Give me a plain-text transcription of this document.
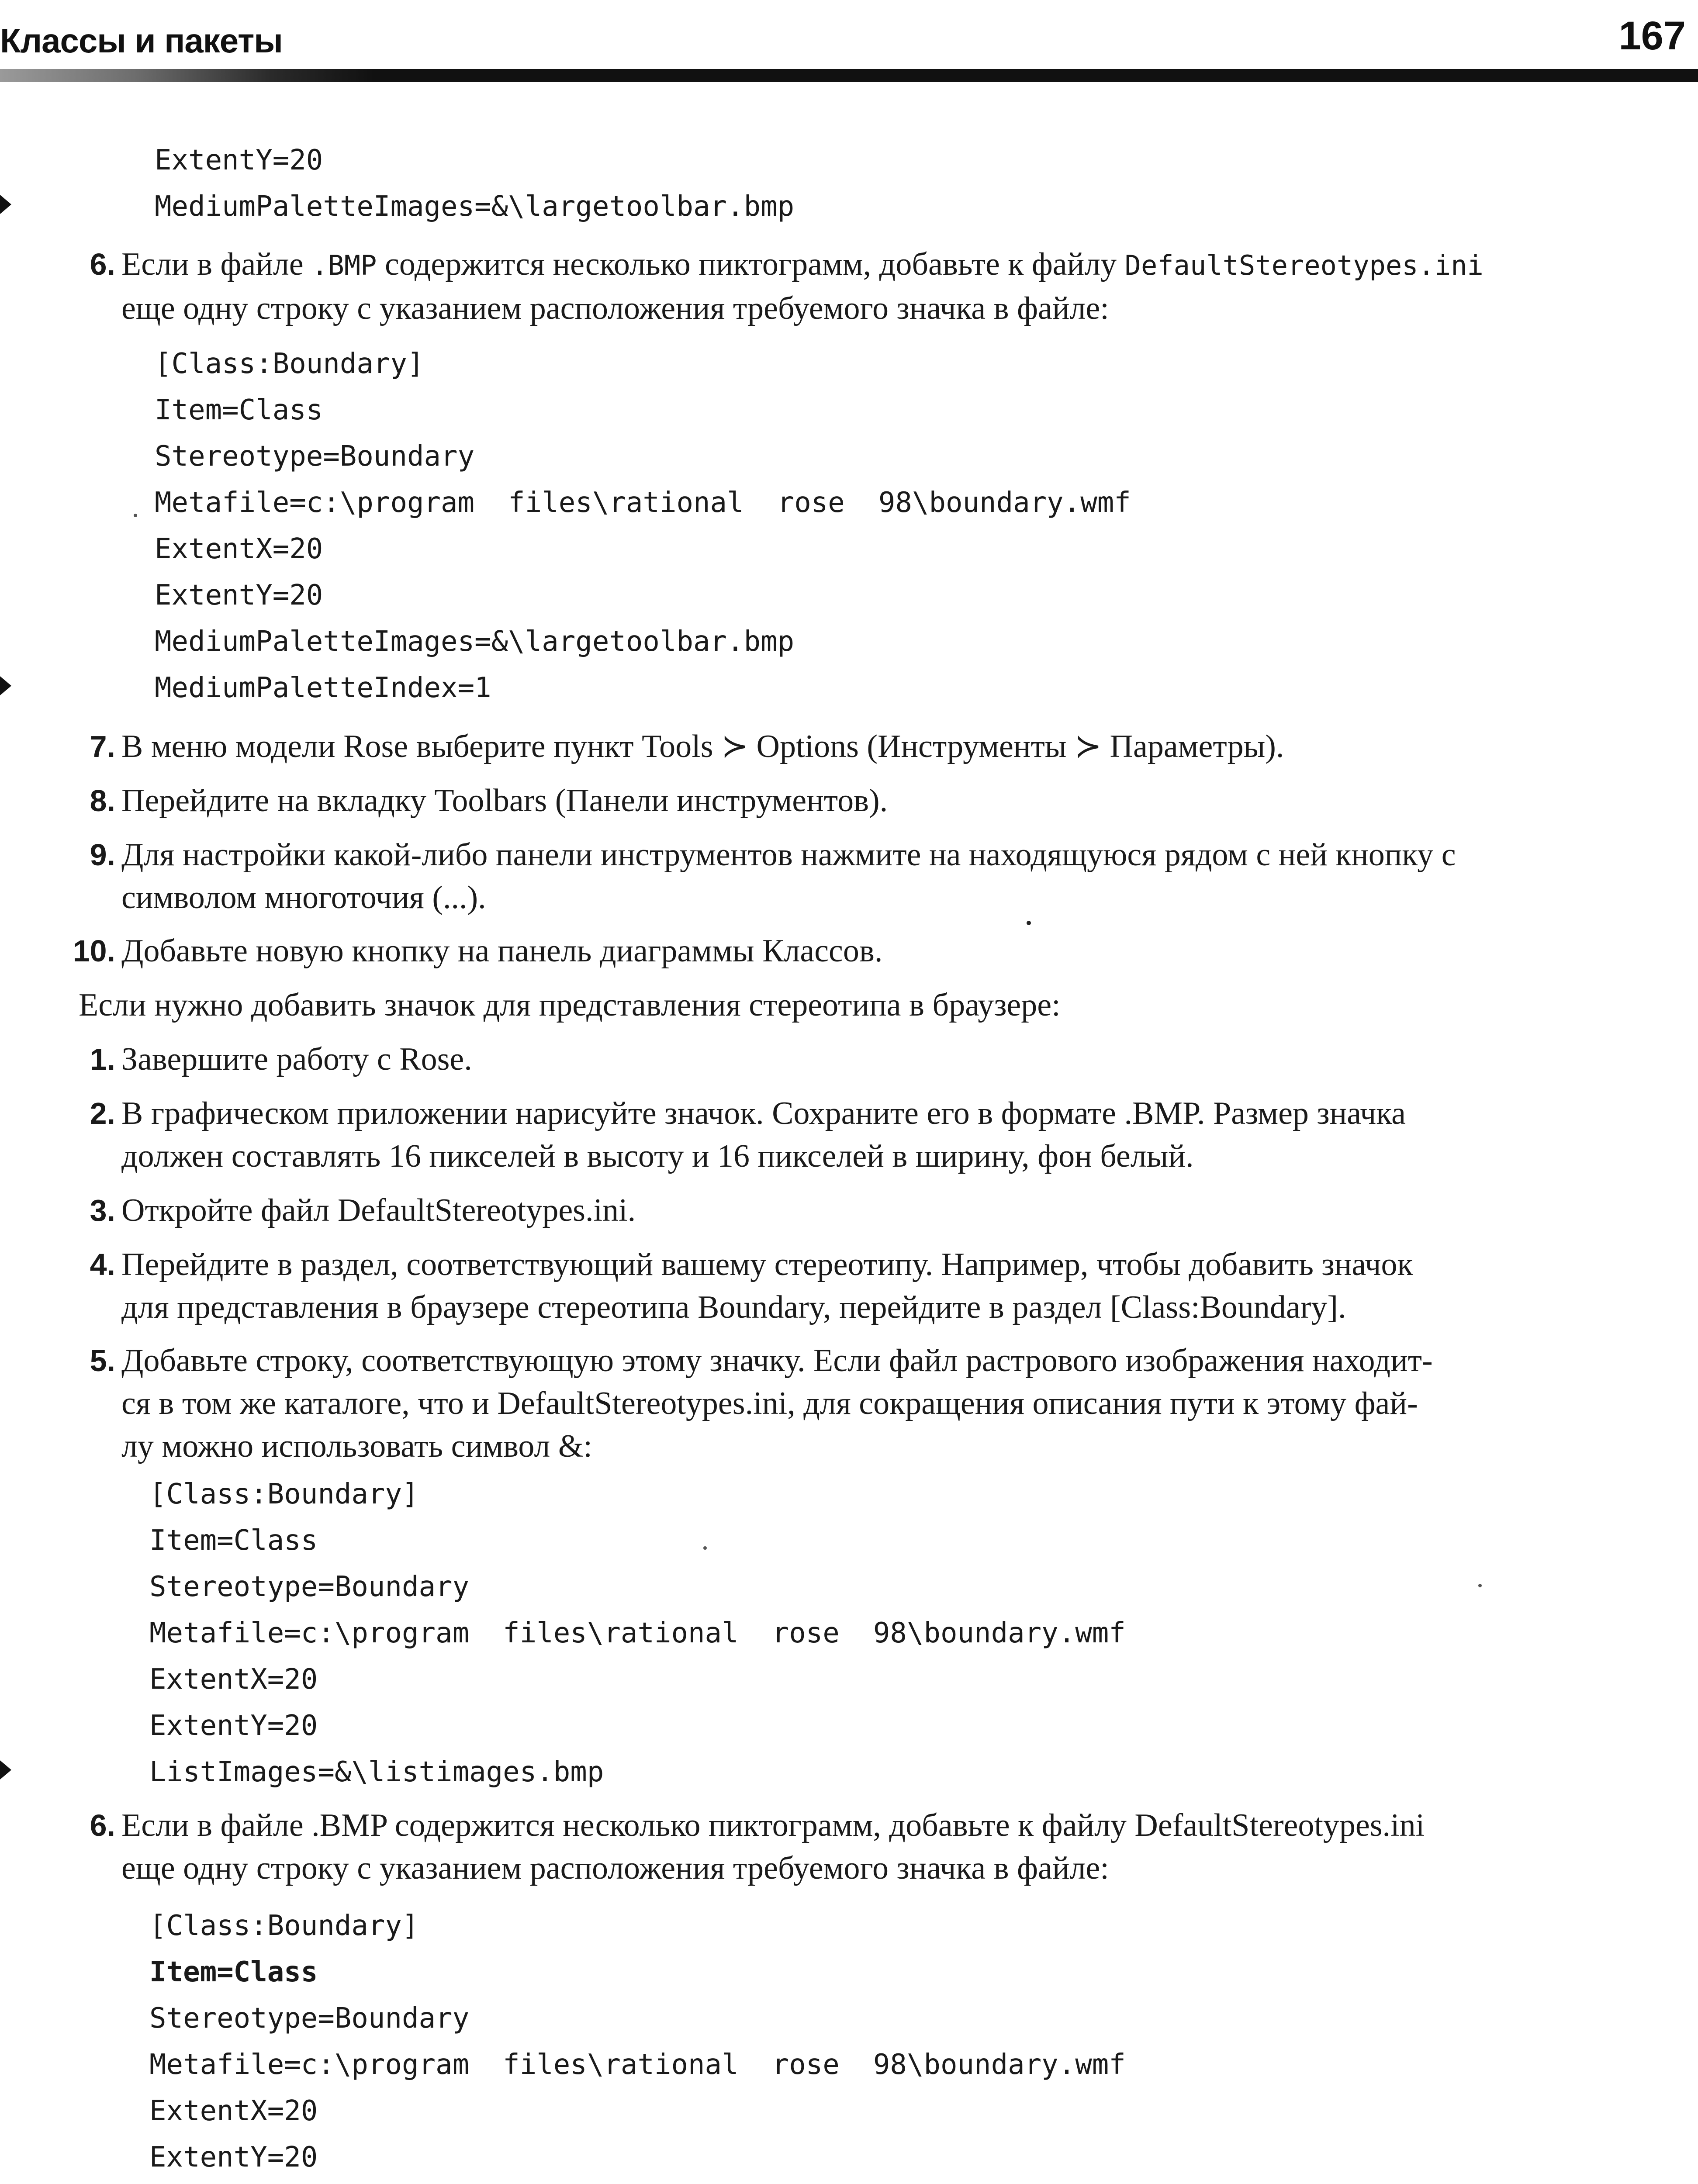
Классы и пакеты	167
ExtentY=20
MediumPaletteImages=&\largetoolbar.bmp
6. Если в файле .BMP содержится несколько пиктограмм, добавьте к файлу DefaultStereotypes.ini
еще одну строку с указанием расположения требуемого значка в файле:
[Class:Boundary]
Item=Class
Stereotype=Boundary
Metafile=c:\program  files\rational  rose  98\boundary.wmf
ExtentX=20
ExtentY=20
MediumPaletteImages=&\largetoolbar.bmp
MediumPaletteIndex=1
7. В меню модели Rose выберите пункт Tools ≻ Options (Инструменты ≻ Параметры).
8. Перейдите на вкладку Toolbars (Панели инструментов).
9. Для настройки какой-либо панели инструментов нажмите на находящуюся рядом с ней кнопку с
символом многоточия (...).
10. Добавьте новую кнопку на панель диаграммы Классов.
Если нужно добавить значок для представления стереотипа в браузере:
1. Завершите работу с Rose.
2. В графическом приложении нарисуйте значок. Сохраните его в формате .BMP. Размер значка
должен составлять 16 пикселей в высоту и 16 пикселей в ширину, фон белый.
3. Откройте файл DefaultStereotypes.ini.
4. Перейдите в раздел, соответствующий вашему стереотипу. Например, чтобы добавить значок
для представления в браузере стереотипа Boundary, перейдите в раздел [Class:Boundary].
5. Добавьте строку, соответствующую этому значку. Если файл растрового изображения находит-
ся в том же каталоге, что и DefaultStereotypes.ini, для сокращения описания пути к этому фай-
лу можно использовать символ &:
[Class:Boundary]
Item=Class
Stereotype=Boundary
Metafile=c:\program  files\rational  rose  98\boundary.wmf
ExtentX=20
ExtentY=20
ListImages=&\listimages.bmp
6. Если в файле .BMP содержится несколько пиктограмм, добавьте к файлу DefaultStereotypes.ini
еще одну строку с указанием расположения требуемого значка в файле:
[Class:Boundary]
Item=Class
Stereotype=Boundary
Metafile=c:\program  files\rational  rose  98\boundary.wmf
ExtentX=20
ExtentY=20
